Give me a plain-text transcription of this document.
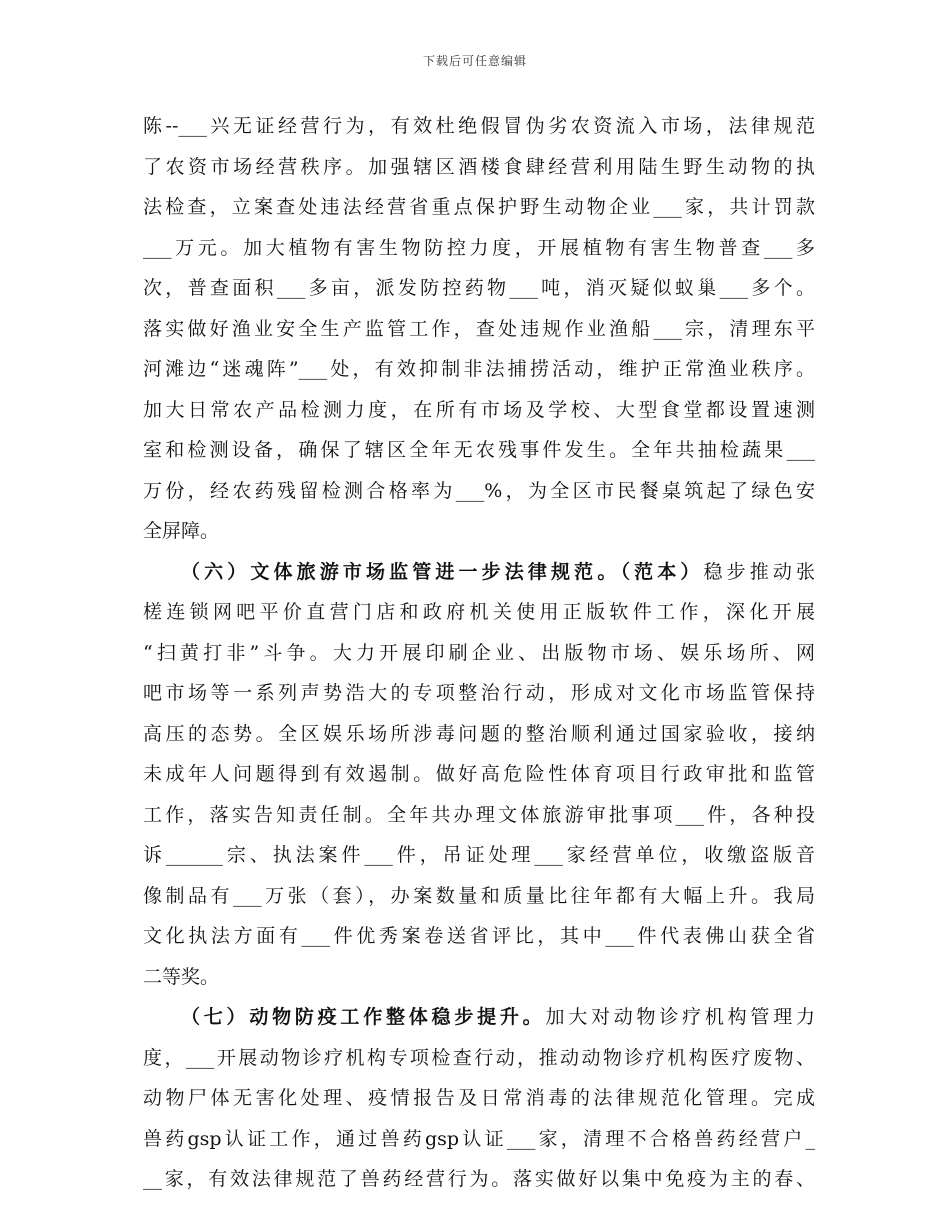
下载后可任意编辑
陈--___兴无证经营行为，有效杜绝假冒伪劣农资流入市场，法律规范
了农资市场经营秩序。加强辖区酒楼食肆经营利用陆生野生动物的执
法检查，立案查处违法经营省重点保护野生动物企业___家，共计罚款
___万元。加大植物有害生物防控力度，开展植物有害生物普查___多
次，普查面积___多亩，派发防控药物___吨，消灭疑似蚁巢___多个。
落实做好渔业安全生产监管工作，查处违规作业渔船___宗，清理东平
河滩边“迷魂阵”___处，有效抑制非法捕捞活动，维护正常渔业秩序。
加大日常农产品检测力度，在所有市场及学校、大型食堂都设置速测
室和检测设备，确保了辖区全年无农残事件发生。全年共抽检蔬果___
万份，经农药残留检测合格率为___%，为全区市民餐桌筑起了绿色安
全屏障。
（六）文体旅游市场监管进一步法律规范。（范本）稳步推动张
槎连锁网吧平价直营门店和政府机关使用正版软件工作，深化开展
“扫黄打非”斗争。大力开展印刷企业、出版物市场、娱乐场所、网
吧市场等一系列声势浩大的专项整治行动，形成对文化市场监管保持
高压的态势。全区娱乐场所涉毒问题的整治顺利通过国家验收，接纳
未成年人问题得到有效遏制。做好高危险性体育项目行政审批和监管
工作，落实告知责任制。全年共办理文体旅游审批事项___件，各种投
诉______宗、执法案件___件，吊证处理___家经营单位，收缴盗版音
像制品有___万张（套），办案数量和质量比往年都有大幅上升。我局
文化执法方面有___件优秀案卷送省评比，其中___件代表佛山获全省
二等奖。
（七）动物防疫工作整体稳步提升。加大对动物诊疗机构管理力
度，___开展动物诊疗机构专项检查行动，推动动物诊疗机构医疗废物、
动物尸体无害化处理、疫情报告及日常消毒的法律规范化管理。完成
兽药gsp认证工作，通过兽药gsp认证___家，清理不合格兽药经营户_
__家，有效法律规范了兽药经营行为。落实做好以集中免疫为主的春、
